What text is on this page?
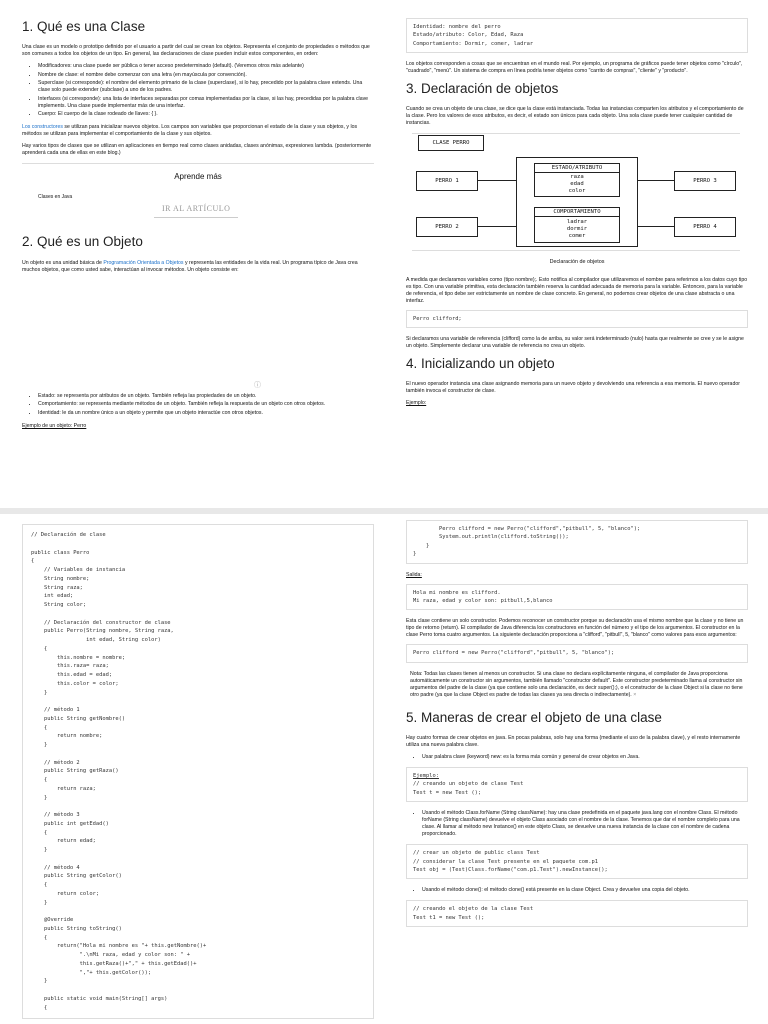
1. Qué es una Clase

Una clase es un modelo o prototipo definido por el usuario a partir del cual se crean los objetos. Representa el conjunto de propiedades o métodos que son comunes a todos los objetos de un tipo. En general, las declaraciones de clase pueden incluir estos componentes, en orden:

• Modificadores: una clase puede ser pública o tener acceso predeterminado (default). (Veremos otros más adelante)
• Nombre de clase: el nombre debe comenzar con una letra (en mayúscula por convención).
• Superclase (si corresponde): el nombre del elemento primario de la clase (superclase), si lo hay, precedido por la palabra clave extends. Una clase solo puede extender (subclase) a uno de los padres.
• Interfaces (si corresponde): una lista de interfaces separadas por comas implementadas por la clase, si las hay, precedidas por la palabra clave implements. Una clase puede implementar más de una interfaz.
• Cuerpo: El cuerpo de la clase rodeado de llaves: { }.

Los constructores se utilizan para inicializar nuevos objetos. Los campos son variables que proporcionan el estado de la clase y sus objetos, y los métodos se utilizan para implementar el comportamiento de la clase y sus objetos.

Hay varios tipos de clases que se utilizan en aplicaciones en tiempo real como clases anidadas, clases anónimas, expresiones lambda. (posteriormente aprenderá cada una de ellas en este blog.)

Aprende más
Clases en Java
IR AL ARTÍCULO
2. Qué es un Objeto

Un objeto es una unidad básica de Programación Orientada a Objetos y representa las entidades de la vida real. Un programa típico de Java crea muchos objetos, que como usted sabe, interactúan al invocar métodos. Un objeto consiste en:

ⓘ
• Estado: se representa por atributos de un objeto. También refleja las propiedades de un objeto.
• Comportamiento: se representa mediante métodos de un objeto. También refleja la respuesta de un objeto con otros objetos.
• Identidad: le da un nombre único a un objeto y permite que un objeto interactúe con otros objetos.

Ejemplo de un objeto: Perro

Identidad: nombre del perro
Estado/atributo: Color, Edad, Raza
Comportamiento: Dormir, comer, ladrar

Los objetos corresponden a cosas que se encuentran en el mundo real. Por ejemplo, un programa de gráficos puede tener objetos como "círculo", "cuadrado", "menú". Un sistema de compra en línea podría tener objetos como "carrito de compras", "cliente" y "producto".

3. Declaración de objetos

Cuando se crea un objeto de una clase, se dice que la clase está instanciada. Todas las instancias comparten los atributos y el comportamiento de la clase. Pero los valores de esos atributos, es decir, el estado son únicos para cada objeto. Una sola clase puede tener cualquier cantidad de instancias.

CLASE PERRO
ESTADO/ATRIBUTO
raza
edad
color
COMPORTAMIENTO
ladrar
dormir
comer
PERRO 1
PERRO 2
PERRO 3
PERRO 4
Declaración de objetos

A medida que declaramos variables como (tipo nombre);. Esto notifica al compilador que utilizaremos el nombre para referirnos a los datos cuyo tipo es tipo. Con una variable primitiva, esta declaración también reserva la cantidad adecuada de memoria para la variable. Entonces, para la variable de referencia, el tipo debe ser estrictamente un nombre de clase concreto. En general, no podemos crear objetos de una clase abstracta o una interfaz.

Perro clifford;

Si declaramos una variable de referencia (clifford) como la de arriba, su valor será indeterminado (nulo) hasta que realmente se cree y se le asigne un objeto. Simplemente declarar una variable de referencia no crea un objeto.

4. Inicializando un objeto

El nuevo operador instancia una clase asignando memoria para un nuevo objeto y devolviendo una referencia a esa memoria. El nuevo operador también invoca el constructor de clase.

Ejemplo:

// Declaración de clase

public class Perro
{
// Variables de instancia
String nombre;
String raza;
int edad;
String color;

// Declaración del constructor de clase
public Perro(String nombre, String raza,
int edad, String color)
{
this.nombre = nombre;
this.raza= raza;
this.edad = edad;
this.color = color;
}

// método 1
public String getNombre()
{
return nombre;
}

// método 2
public String getRaza()
{
return raza;
}

// método 3
public int getEdad()
{
return edad;
}

// método 4
public String getColor()
{
return color;
}

@Override
public String toString()
{
return("Hola mi nombre es "+ this.getNombre()+
".\nMi raza, edad y color son: " +
this.getRaza()+"," + this.getEdad()+
","+ this.getColor());
}

public static void main(String[] args)
{
Perro clifford = new Perro("clifford","pitbull", 5, "blanco");
System.out.println(clifford.toString());
}
}

Salida:

Hola mi nombre es clifford.
Mi raza, edad y color son: pitbull,5,blanco

Esta clase contiene un solo constructor. Podemos reconocer un constructor porque su declaración usa el mismo nombre que la clase y no tiene un tipo de retorno (return). El compilador de Java diferencia los constructores en función del número y el tipo de los argumentos. El constructor en la clase Perro toma cuatro argumentos. La siguiente declaración proporciona a "clifford", "pitbull", 5, "blanco" como valores para esos argumentos:

Perro clifford = new Perro("clifford","pitbull", 5, "blanco");
Nota: Todas las clases tienen al menos un constructor. Si una clase no declara explícitamente ninguna, el compilador de Java proporciona automáticamente un constructor sin argumentos, también llamado "constructor default". Este constructor predeterminado llama al constructor sin argumentos del padre de la clase (ya que contiene solo una declaración, es decir super();), o el constructor de la clase Object si la clase no tiene otro padre (ya que la clase Object es padre de todas las clases ya sea directa o indirectamente). ×
5. Maneras de crear el objeto de una clase

Hay cuatro formas de crear objetos en java. En pocas palabras, solo hay una forma (mediante el uso de la palabra clave), y el resto internamente utiliza una nueva palabra clave.

• Usar palabra clave (keyword) new: es la forma más común y general de crear objetos en Java.
Ejemplo:
// creando un objeto de clase Test
Test t = new Test ();
• Usando el método Class.forName (String className): hay una clase predefinida en el paquete java.lang con el nombre Class. El método forName (String className) devuelve el objeto Class asociado con el nombre de la clase. Tenemos que dar el nombre completo para una clase. Al llamar al método new Instance() en este objeto Class, se devuelve una nueva instancia de la clase con el nombre de cadena proporcionado.
// crear un objeto de public class Test
// considerar la clase Test presente en el paquete com.p1
Test obj = (Test)Class.forName("com.p1.Test").newInstance();
• Usando el método clone(): el método clone() está presente en la clase Object. Crea y devuelve una copia del objeto.
// creando el objeto de la clase Test
Test t1 = new Test ();
